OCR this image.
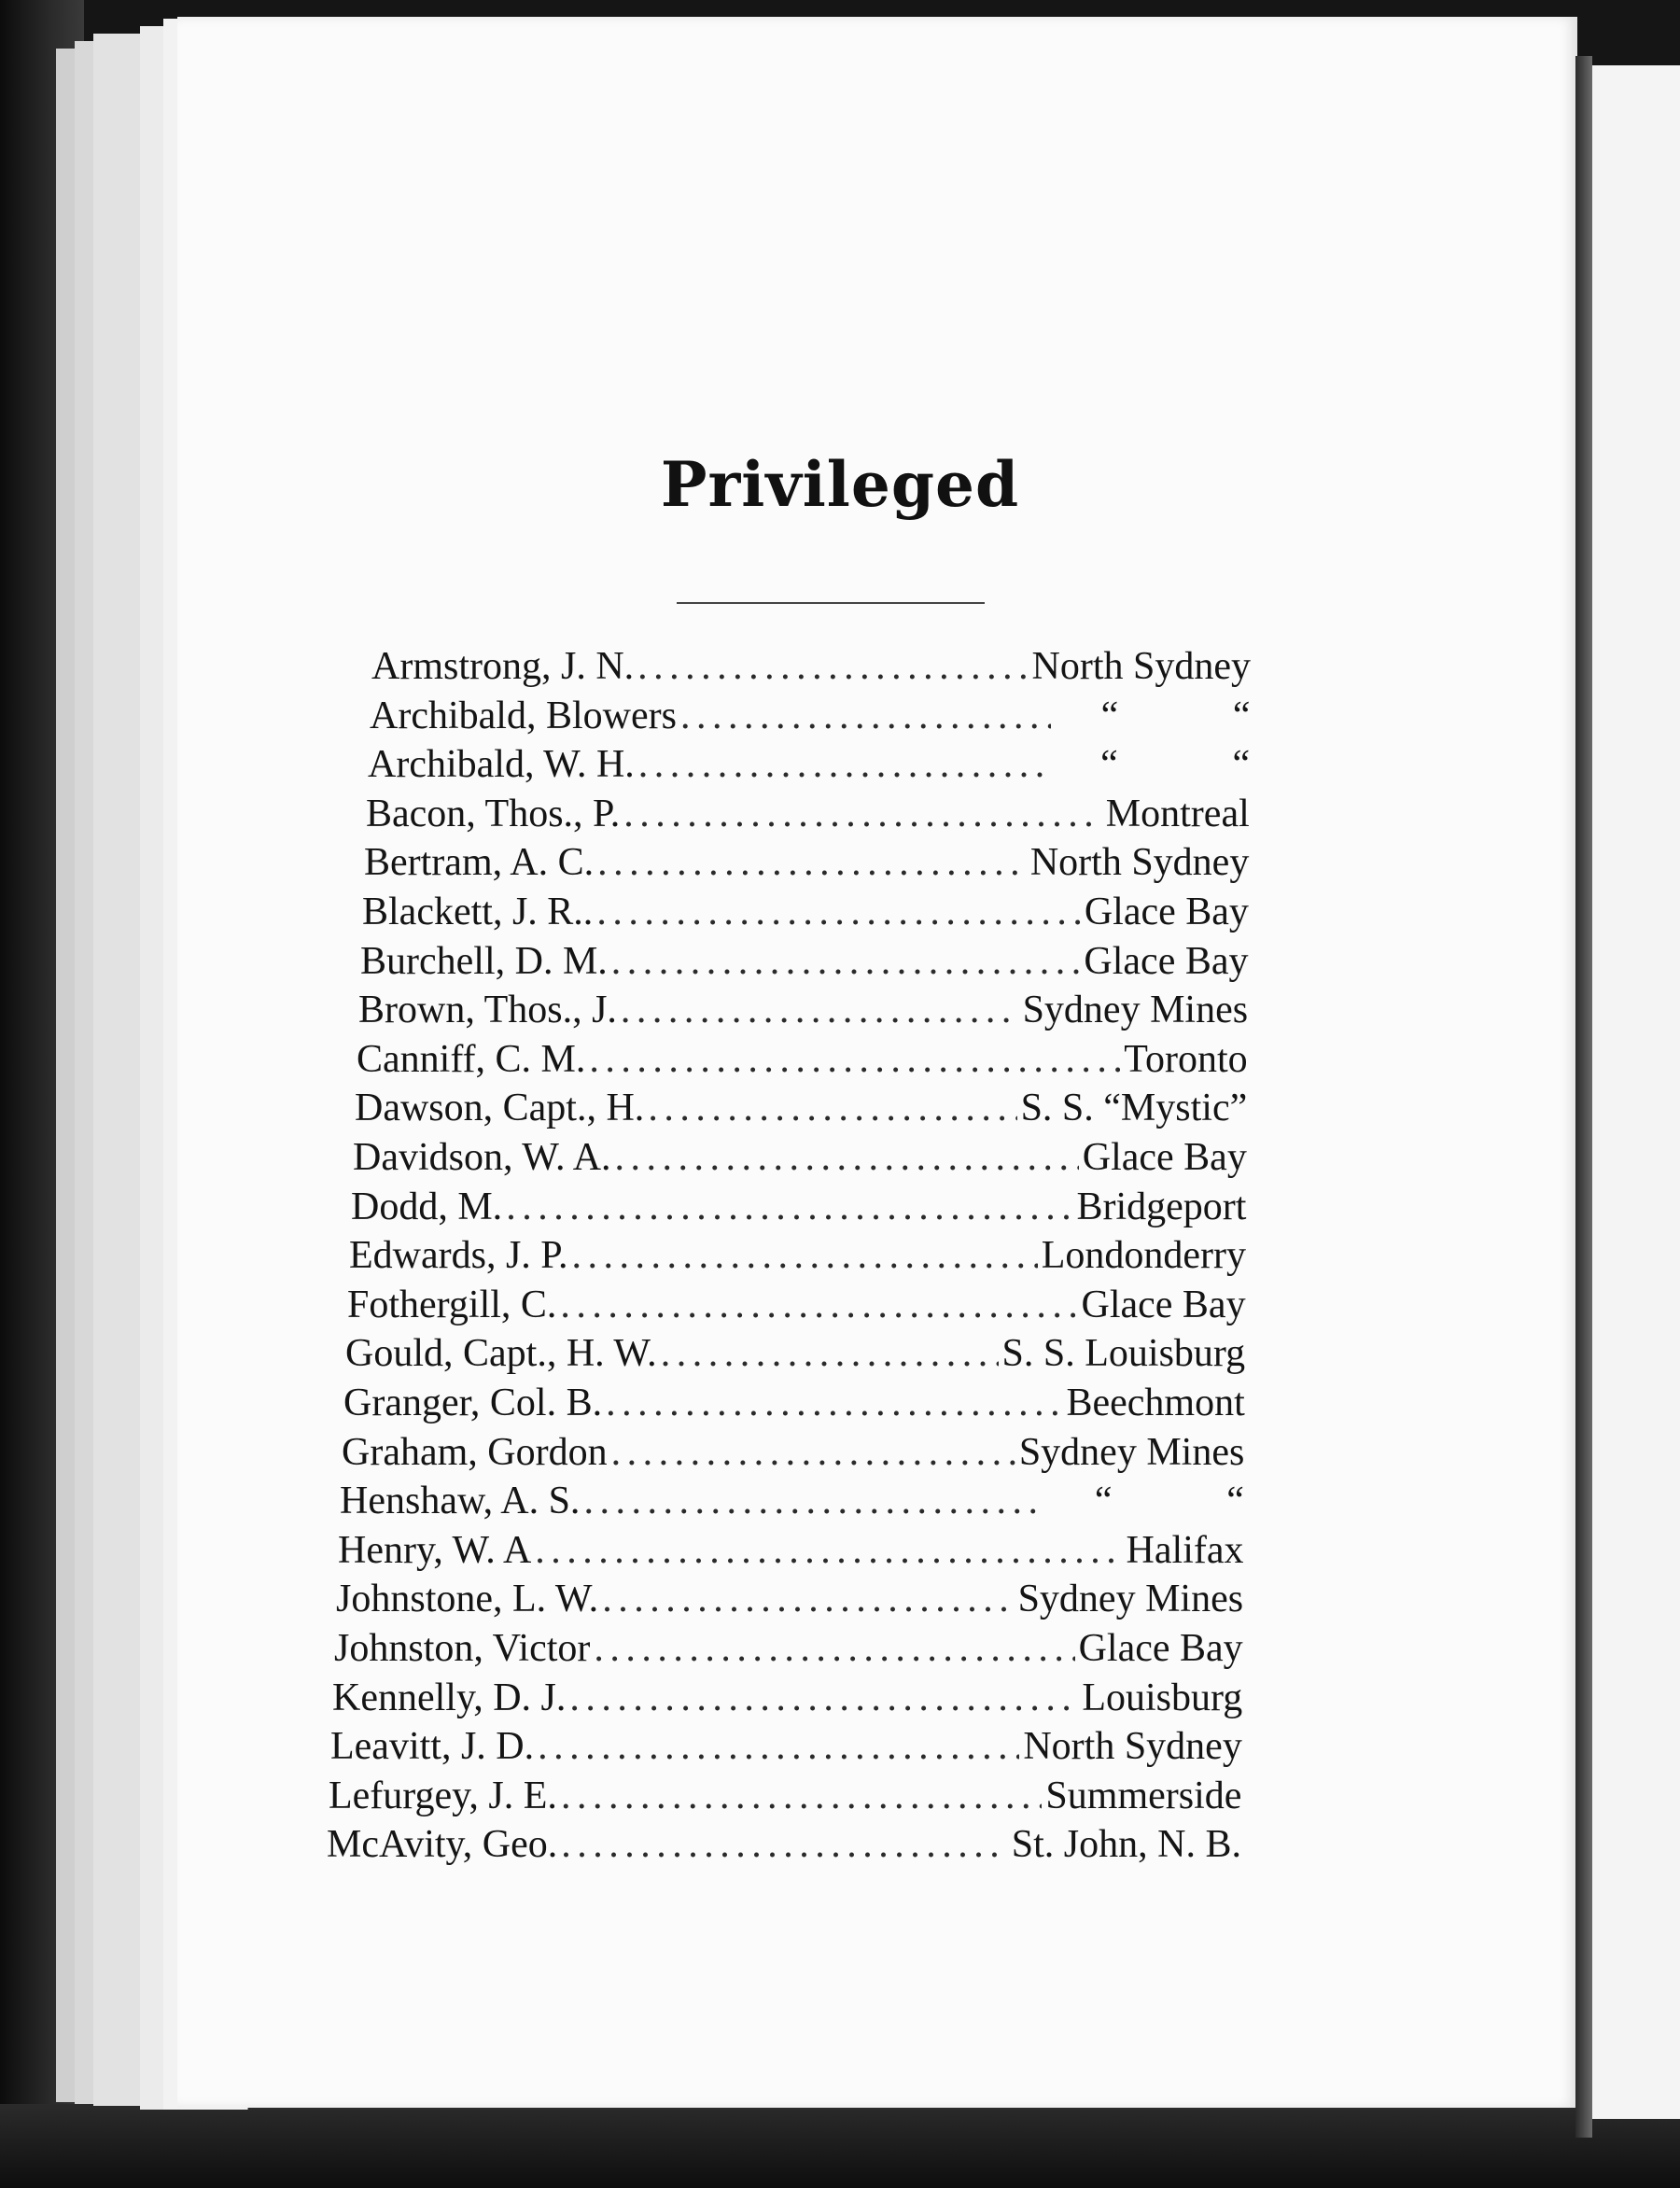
Privileged
Armstrong, J. N. . . .	North Sydney
Archibald, Blowers . . .	“	“
Archibald, W. H. . . .	“	“
Bacon, Thos., P. . . .	Montreal
Bertram, A. C. . . .	North Sydney
Blackett, J. R.. . . .	Glace Bay
Burchell, D. M. . . .	Glace Bay
Brown, Thos., J. . . .	Sydney Mines
Canniff, C. M. . . .	Toronto
Dawson, Capt., H. . . .	S. S. “Mystic”
Davidson, W. A. . . .	Glace Bay
Dodd, M. . . .	Bridgeport
Edwards, J. P. . . .	Londonderry
Fothergill, C. . . .	Glace Bay
Gould, Capt., H. W. . . .	S. S. Louisburg
Granger, Col. B. . . .	Beechmont
Graham, Gordon . . .	Sydney Mines
Henshaw, A. S. . . .	“	“
Henry, W. A . . .	Halifax
Johnstone, L. W. . . .	Sydney Mines
Johnston, Victor . . .	Glace Bay
Kennelly, D. J. . . .	Louisburg
Leavitt, J. D. . . .	North Sydney
Lefurgey, J. E. . . .	Summerside
McAvity, Geo. . . .	St. John, N. B.
